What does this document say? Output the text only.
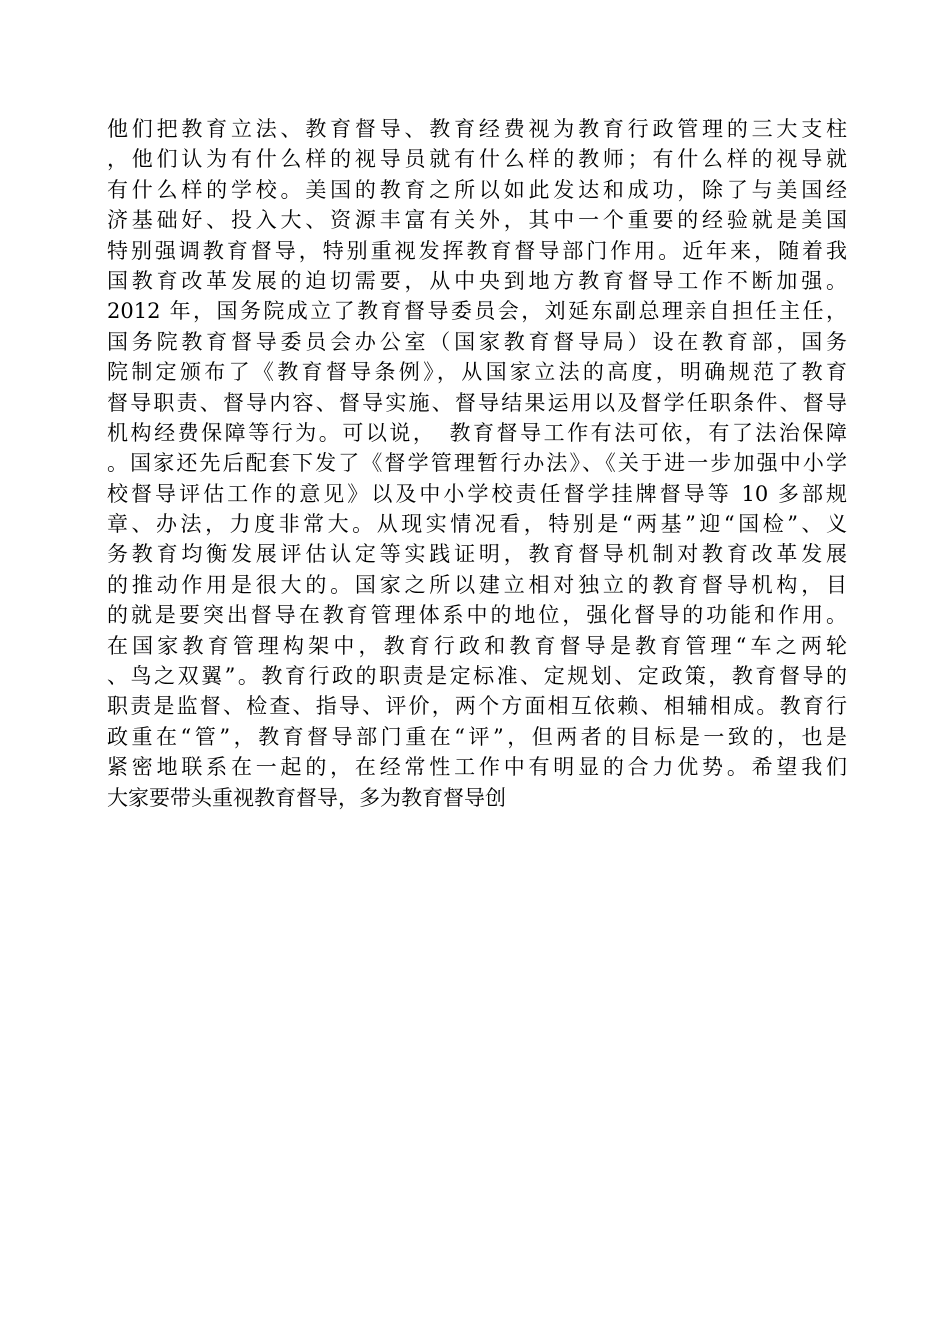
他们把教育立法、教育督导、教育经费视为教育行政管理的三大支柱
，他们认为有什么样的视导员就有什么样的教师；有什么样的视导就
有什么样的学校。美国的教育之所以如此发达和成功，除了与美国经
济基础好、投入大、资源丰富有关外，其中一个重要的经验就是美国
特别强调教育督导，特别重视发挥教育督导部门作用。近年来，随着我
国教育改革发展的迫切需要，从中央到地方教育督导工作不断加强。
2012 年，国务院成立了教育督导委员会，刘延东副总理亲自担任主任，
国务院教育督导委员会办公室（国家教育督导局）设在教育部，国务
院制定颁布了《教育督导条例》，从国家立法的高度，明确规范了教育
督导职责、督导内容、督导实施、督导结果运用以及督学任职条件、督导
机构经费保障等行为。可以说，　教育督导工作有法可依，有了法治保障
。国家还先后配套下发了《督学管理暂行办法》、《关于进一步加强中小学
校督导评估工作的意见》以及中小学校责任督学挂牌督导等 10 多部规
章、办法，力度非常大。从现实情况看，特别是“两基”迎“国检”、义
务教育均衡发展评估认定等实践证明，教育督导机制对教育改革发展
的推动作用是很大的。国家之所以建立相对独立的教育督导机构，目
的就是要突出督导在教育管理体系中的地位，强化督导的功能和作用。
在国家教育管理构架中，教育行政和教育督导是教育管理“车之两轮
、鸟之双翼”。教育行政的职责是定标准、定规划、定政策，教育督导的
职责是监督、检查、指导、评价，两个方面相互依赖、相辅相成。教育行
政重在“管”，教育督导部门重在“评”，但两者的目标是一致的，也是
紧密地联系在一起的，在经常性工作中有明显的合力优势。希望我们
大家要带头重视教育督导，多为教育督导创
